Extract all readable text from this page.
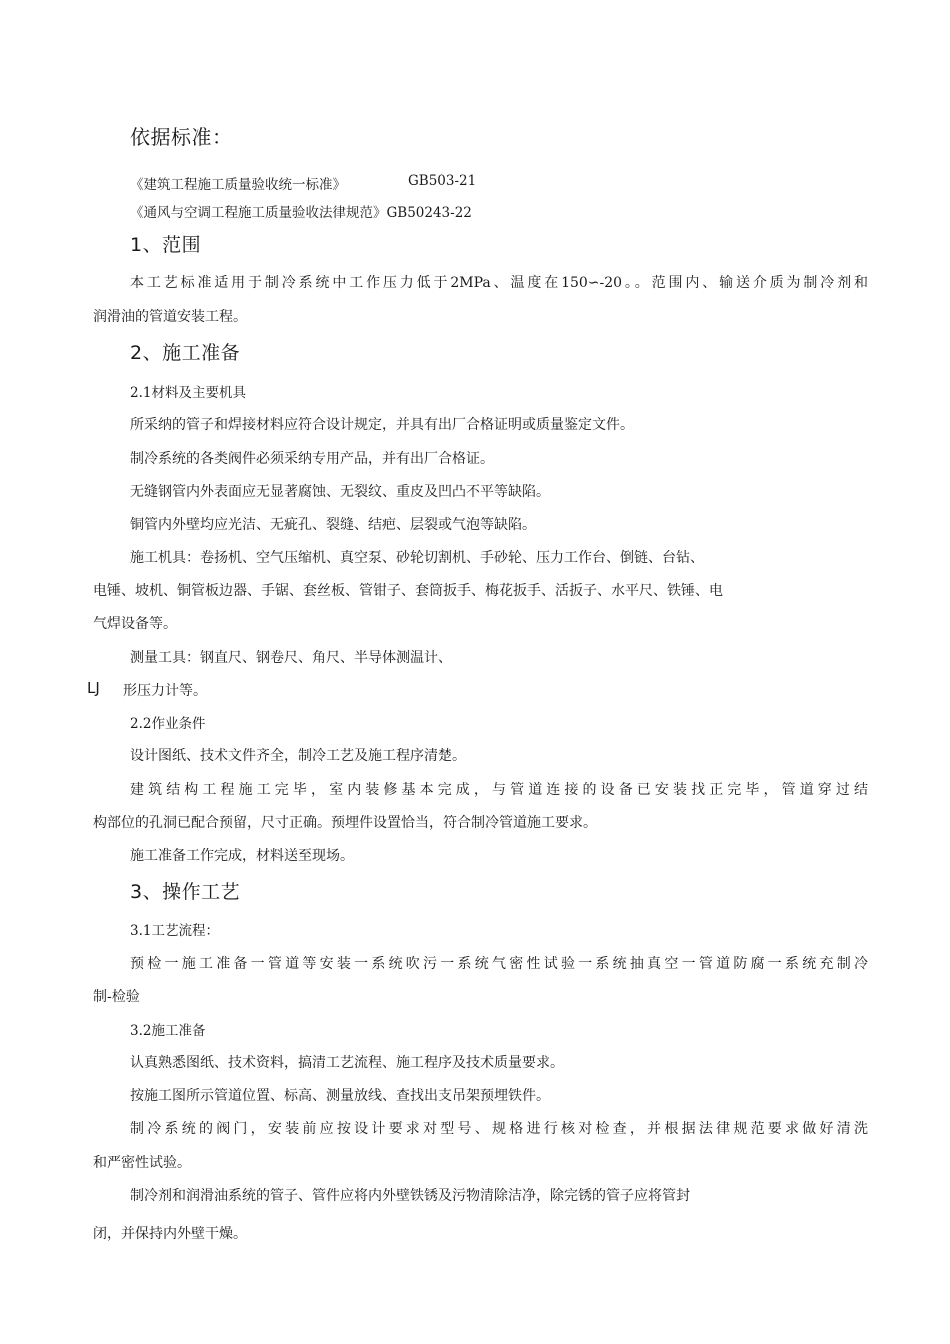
依据标准：

《建筑工程施工质量验收统一标准》	GB503-21

《通风与空调工程施工质量验收法律规范》GB50243-22

1、范围

本工艺标准适用于制冷系统中工作压力低于2MPa、温度在150∽-20。。范围内、输送介质为制冷剂和

润滑油的管道安装工程。

2、施工准备

2.1材料及主要机具

所采纳的管子和焊接材料应符合设计规定，并具有出厂合格证明或质量鉴定文件。

制冷系统的各类阀件必须采纳专用产品，并有出厂合格证。

无缝钢管内外表面应无显著腐蚀、无裂纹、重皮及凹凸不平等缺陷。

铜管内外壁均应光洁、无疵孔、裂缝、结疤、层裂或气泡等缺陷。

施工机具：卷扬机、空气压缩机、真空泵、砂轮切割机、手砂轮、压力工作台、倒链、台钻、

电锤、坡机、铜管板边器、手锯、套丝板、管钳子、套筒扳手、梅花扳手、活扳子、水平尺、铁锤、电

气焊设备等。

测量工具：钢直尺、钢卷尺、角尺、半导体测温计、

LJ 形压力计等。

2.2作业条件

设计图纸、技术文件齐全，制冷工艺及施工程序清楚。

建筑结构工程施工完毕，室内装修基本完成，与管道连接的设备已安装找正完毕，管道穿过结

构部位的孔洞已配合预留，尺寸正确。预埋件设置恰当，符合制冷管道施工要求。

施工准备工作完成，材料送至现场。

3、操作工艺

3.1工艺流程：

预检一施工准备一管道等安装一系统吹污一系统气密性试验一系统抽真空一管道防腐一系统充制冷

制-检验

3.2施工准备

认真熟悉图纸、技术资料，搞清工艺流程、施工程序及技术质量要求。

按施工图所示管道位置、标高、测量放线、查找出支吊架预埋铁件。

制冷系统的阀门，安装前应按设计要求对型号、规格进行核对检查，并根据法律规范要求做好清洗

和严密性试验。

制冷剂和润滑油系统的管子、管件应将内外壁铁锈及污物清除洁净，除完锈的管子应将管封

闭，并保持内外壁干燥。
